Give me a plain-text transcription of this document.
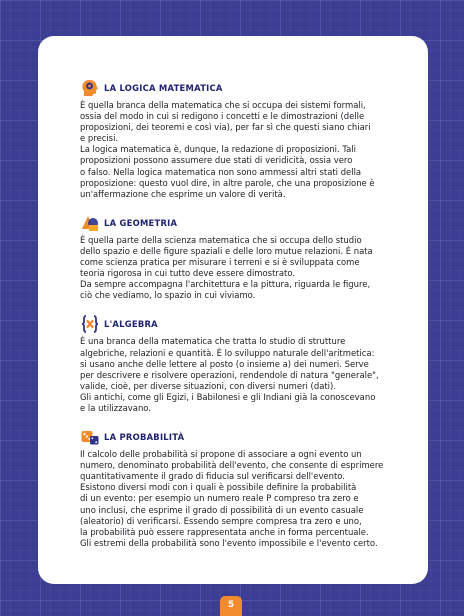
LA LOGICA MATEMATICA

È quella branca della matematica che si occupa dei sistemi formali,
ossia del modo in cui si redigono i concetti e le dimostrazioni (delle
proposizioni, dei teoremi e così via), per far sì che questi siano chiari
e precisi.

La logica matematica è, dunque, la redazione di proposizioni. Tali
proposizioni possono assumere due stati di veridicità, ossia vero
o falso. Nella logica matematica non sono ammessi altri stati della
proposizione: questo vuol dire, in altre parole, che una proposizione è
un'affermazione che esprime un valore di verità.

LA GEOMETRIA

È quella parte della scienza matematica che si occupa dello studio
dello spazio e delle figure spaziali e delle loro mutue relazioni. È nata
come scienza pratica per misurare i terreni e si è sviluppata come
teoria rigorosa in cui tutto deve essere dimostrato.

Da sempre accompagna l'architettura e la pittura, riguarda le figure,
ciò che vediamo, lo spazio in cui viviamo.

L'ALGEBRA

È una branca della matematica che tratta lo studio di strutture
algebriche, relazioni e quantità. È lo sviluppo naturale dell'aritmetica:
si usano anche delle lettere al posto (o insieme a) dei numeri. Serve
per descrivere e risolvere operazioni, rendendole di natura "generale",
valide, cioè, per diverse situazioni, con diversi numeri (dati).

Gli antichi, come gli Egizi, i Babilonesi e gli Indiani già la conoscevano
e la utilizzavano.

LA PROBABILITÀ

Il calcolo delle probabilità si propone di associare a ogni evento un
numero, denominato probabilità dell'evento, che consente di esprimere
quantitativamente il grado di fiducia sul verificarsi dell'evento.

Esistono diversi modi con i quali è possibile definire la probabilità
di un evento: per esempio un numero reale P compreso tra zero e
uno inclusi, che esprime il grado di possibilità di un evento casuale
(aleatorio) di verificarsi. Essendo sempre compresa tra zero e uno,
la probabilità può essere rappresentata anche in forma percentuale.
Gli estremi della probabilità sono l'evento impossibile e l'evento certo.

5
